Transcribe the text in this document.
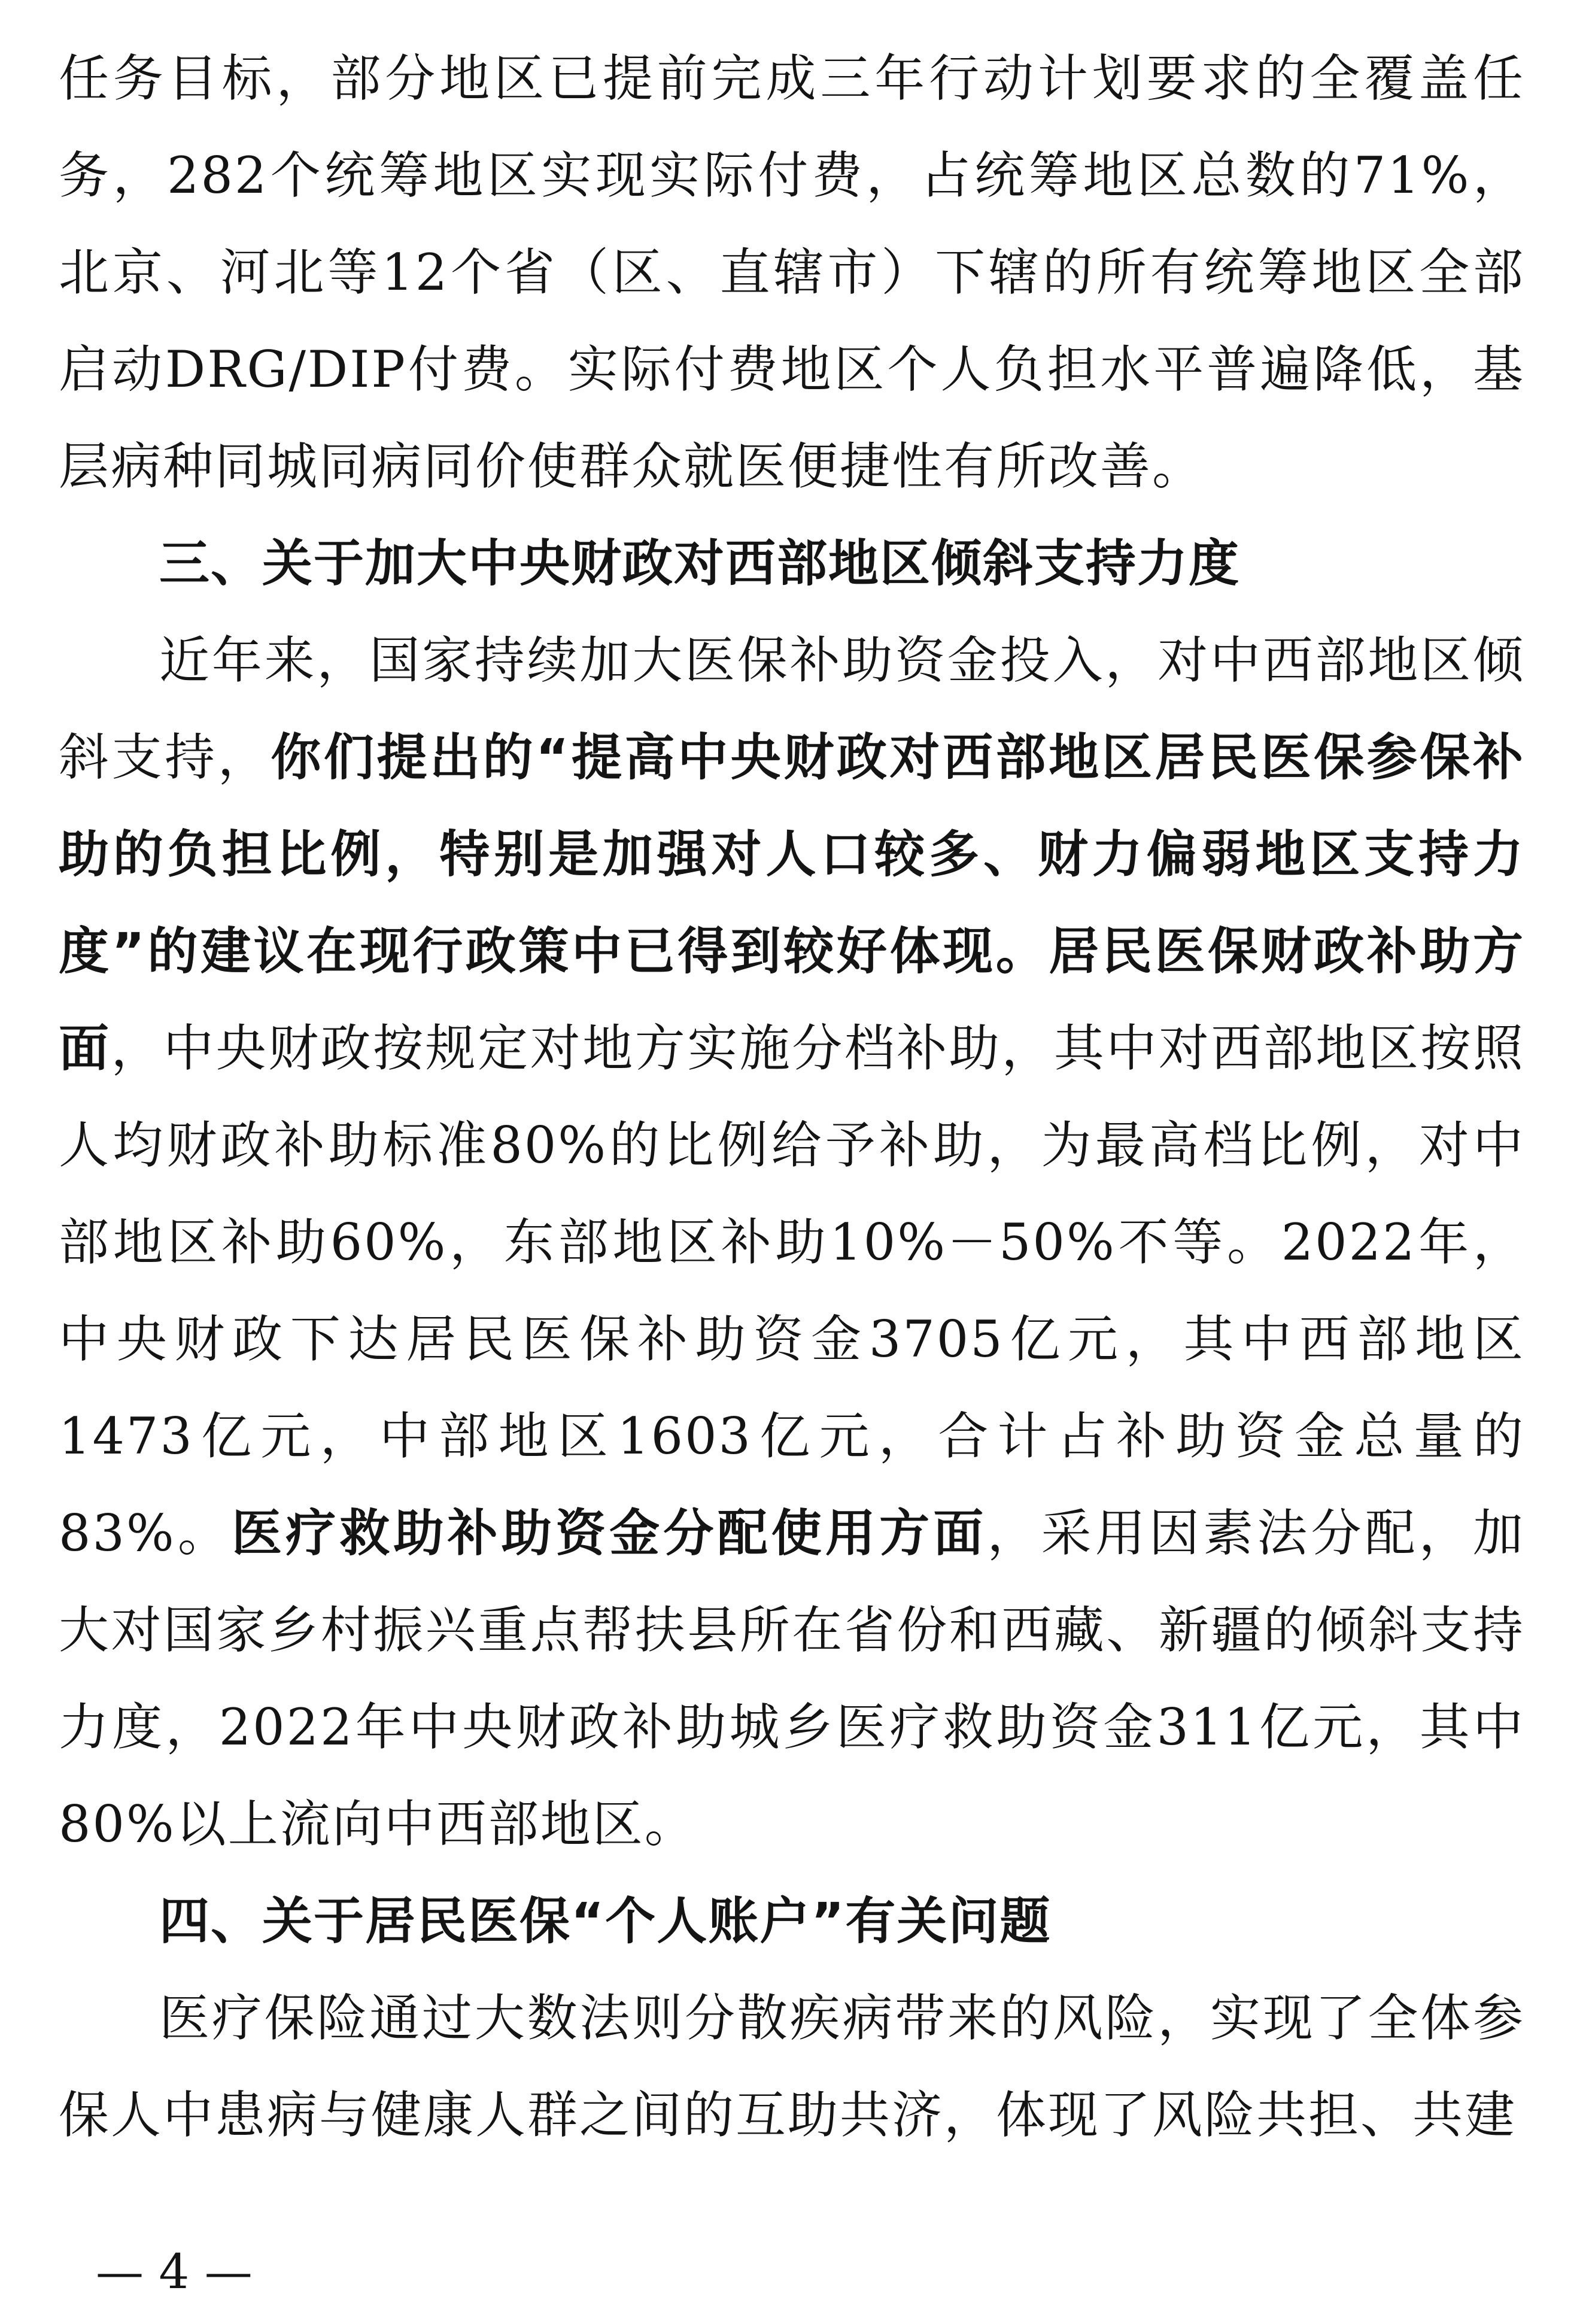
任务目标，部分地区已提前完成三年行动计划要求的全覆盖任务，282个统筹地区实现实际付费，占统筹地区总数的71%，北京、河北等12个省（区、直辖市）下辖的所有统筹地区全部启动DRG/DIP付费。实际付费地区个人负担水平普遍降低，基层病种同城同病同价使群众就医便捷性有所改善。

三、关于加大中央财政对西部地区倾斜支持力度

近年来，国家持续加大医保补助资金投入，对中西部地区倾斜支持，你们提出的“提高中央财政对西部地区居民医保参保补助的负担比例，特别是加强对人口较多、财力偏弱地区支持力度”的建议在现行政策中已得到较好体现。居民医保财政补助方面，中央财政按规定对地方实施分档补助，其中对西部地区按照人均财政补助标准80%的比例给予补助，为最高档比例，对中部地区补助60%，东部地区补助10%－50%不等。2022年，中央财政下达居民医保补助资金3705亿元，其中西部地区1473亿元，中部地区1603亿元，合计占补助资金总量的83%。医疗救助补助资金分配使用方面，采用因素法分配，加大对国家乡村振兴重点帮扶县所在省份和西藏、新疆的倾斜支持力度，2022年中央财政补助城乡医疗救助资金311亿元，其中80%以上流向中西部地区。

四、关于居民医保“个人账户”有关问题

医疗保险通过大数法则分散疾病带来的风险，实现了全体参保人中患病与健康人群之间的互助共济，体现了风险共担、共建

— 4 —
